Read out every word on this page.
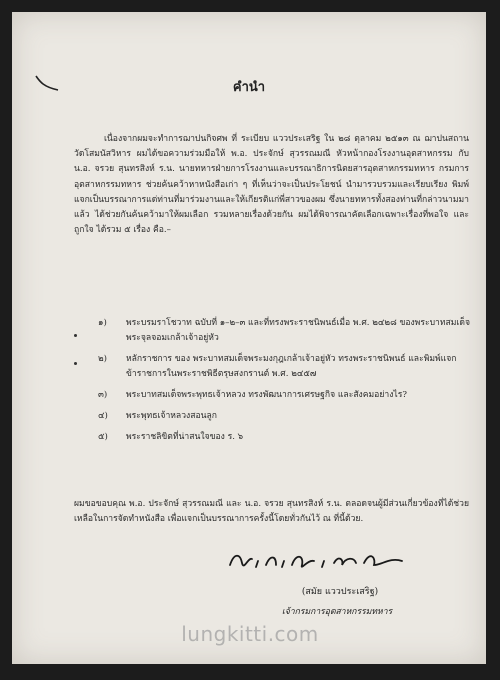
คำนำ
เนื่องจากผมจะทำการฌาปนกิจศพ ที่ ระเบียบ แววประเสริฐ ใน ๒๘ ตุลาคม ๒๕๑๓ ณ ฌาปนสถานวัดโสมนัสวิหาร ผมได้ขอความร่วมมือให้ พ.อ. ประจักษ์ สุวรรณมณี หัวหน้ากองโรงงานอุตสาหกรรม กับ น.อ. จรวย สุนทรสิงห์ ร.น. นายทหารฝ่ายการโรงงานและบรรณาธิการนิตยสารอุตสาหกรรมทหาร กรมการอุตสาหกรรมทหาร ช่วยค้นคว้าหาหนังสือเก่า ๆ ที่เห็นว่าจะเป็นประโยชน์ นำมารวบรวมและเรียบเรียง พิมพ์แจกเป็นบรรณาการแด่ท่านที่มาร่วมงานและให้เกียรติแก่พี่สาวของผม ซึ่งนายทหารทั้งสองท่านที่กล่าวนามมาแล้ว ได้ช่วยกันค้นคว้ามาให้ผมเลือก รวมหลายเรื่องด้วยกัน ผมได้พิจารณาคัดเลือกเฉพาะเรื่องที่พอใจ และถูกใจ ได้รวม ๕ เรื่อง คือ.–
๑)	พระบรมราโชวาท ฉบับที่ ๑–๒–๓ และที่ทรงพระราชนิพนธ์เมื่อ พ.ศ. ๒๔๒๘ ของพระบาทสมเด็จพระจุลจอมเกล้าเจ้าอยู่หัว
๒)	หลักราชการ ของ พระบาทสมเด็จพระมงกุฎเกล้าเจ้าอยู่หัว ทรงพระราชนิพนธ์ และพิมพ์แจกข้าราชการในพระราชพิธีตรุษสงกรานต์ พ.ศ. ๒๔๕๗
๓)	พระบาทสมเด็จพระพุทธเจ้าหลวง ทรงพัฒนาการเศรษฐกิจ และสังคมอย่างไร?
๔)	พระพุทธเจ้าหลวงสอนลูก
๕)	พระราชลิขิตที่น่าสนใจของ ร. ๖
ผมขอขอบคุณ พ.อ. ประจักษ์ สุวรรณมณี และ น.อ. จรวย สุนทรสิงห์ ร.น. ตลอดจนผู้มีส่วนเกี่ยวข้องที่ได้ช่วยเหลือในการจัดทำหนังสือ เพื่อแจกเป็นบรรณาการครั้งนี้โดยทั่วกันไว้ ณ ที่นี้ด้วย.
(สมัย แววประเสริฐ)
เจ้ากรมการอุตสาหกรรมทหาร
lungkitti.com
